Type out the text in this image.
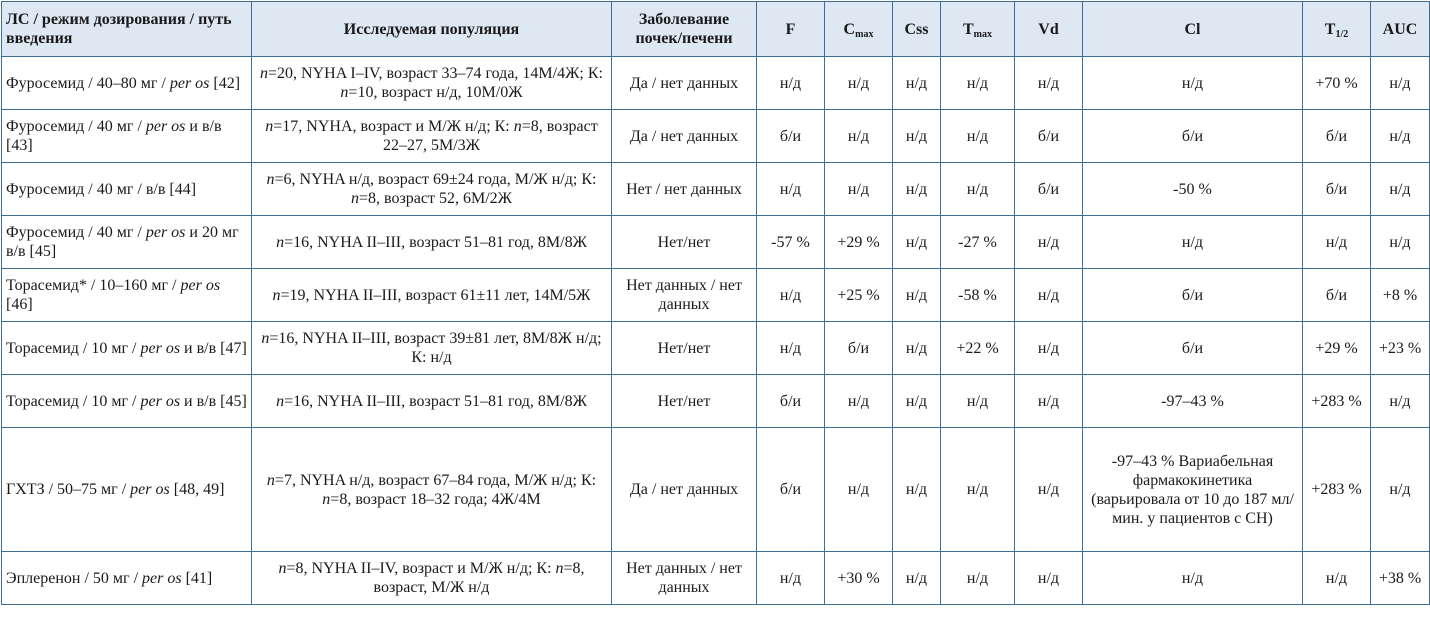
ЛС / режим дозирования / путь введения	Исследуемая популяция	Заболевание почек/печени	F	$C_{max}$	Css	$T_{max}$	Vd	Cl	$T_{1/2}$	AUC
Фуросемид / 40–80 мг / per os [42]	n=20, NYHA I–IV, возраст 33–74 года, 14М/4Ж; К: n=10, возраст н/д, 10М/0Ж	Да / нет данных	н/д	н/д	н/д	н/д	н/д	н/д	+70 %	н/д
Фуросемид / 40 мг / per os и в/в [43]	n=17, NYHA, возраст и М/Ж н/д; К: n=8, возраст 22–27, 5М/3Ж	Да / нет данных	б/и	н/д	н/д	н/д	б/и	б/и	б/и	н/д
Фуросемид / 40 мг / в/в [44]	n=6, NYHA н/д, возраст 69±24 года, М/Ж н/д; К: n=8, возраст 52, 6М/2Ж	Нет / нет данных	н/д	н/д	н/д	н/д	б/и	-50 %	б/и	н/д
Фуросемид / 40 мг / per os и 20 мг в/в [45]	n=16, NYHA II–III, возраст 51–81 год, 8М/8Ж	Нет/нет	-57 %	+29 %	н/д	-27 %	н/д	н/д	н/д	н/д
Торасемид* / 10–160 мг / per os [46]	n=19, NYHA II–III, возраст 61±11 лет, 14М/5Ж	Нет данных / нет данных	н/д	+25 %	н/д	-58 %	н/д	б/и	б/и	+8 %
Торасемид / 10 мг / per os и в/в [47]	n=16, NYHA II–III, возраст 39±81 лет, 8М/8Ж н/д; К: н/д	Нет/нет	н/д	б/и	н/д	+22 %	н/д	б/и	+29 %	+23 %
Торасемид / 10 мг / per os и в/в [45]	n=16, NYHA II–III, возраст 51–81 год, 8М/8Ж	Нет/нет	б/и	н/д	н/д	н/д	н/д	-97–43 %	+283 %	н/д
ГХТЗ / 50–75 мг / per os [48, 49]	n=7, NYHA н/д, возраст 67–84 года, М/Ж н/д; К: n=8, возраст 18–32 года; 4Ж/4М	Да / нет данных	б/и	н/д	н/д	н/д	н/д	-97–43 % Вариабельная фармакокинетика (варьировала от 10 до 187 мл/мин. у пациентов с СН)	+283 %	н/д
Эплеренон / 50 мг / per os [41]	n=8, NYHA II–IV, возраст и М/Ж н/д; К: n=8, возраст, М/Ж н/д	Нет данных / нет данных	н/д	+30 %	н/д	н/д	н/д	н/д	н/д	+38 %
